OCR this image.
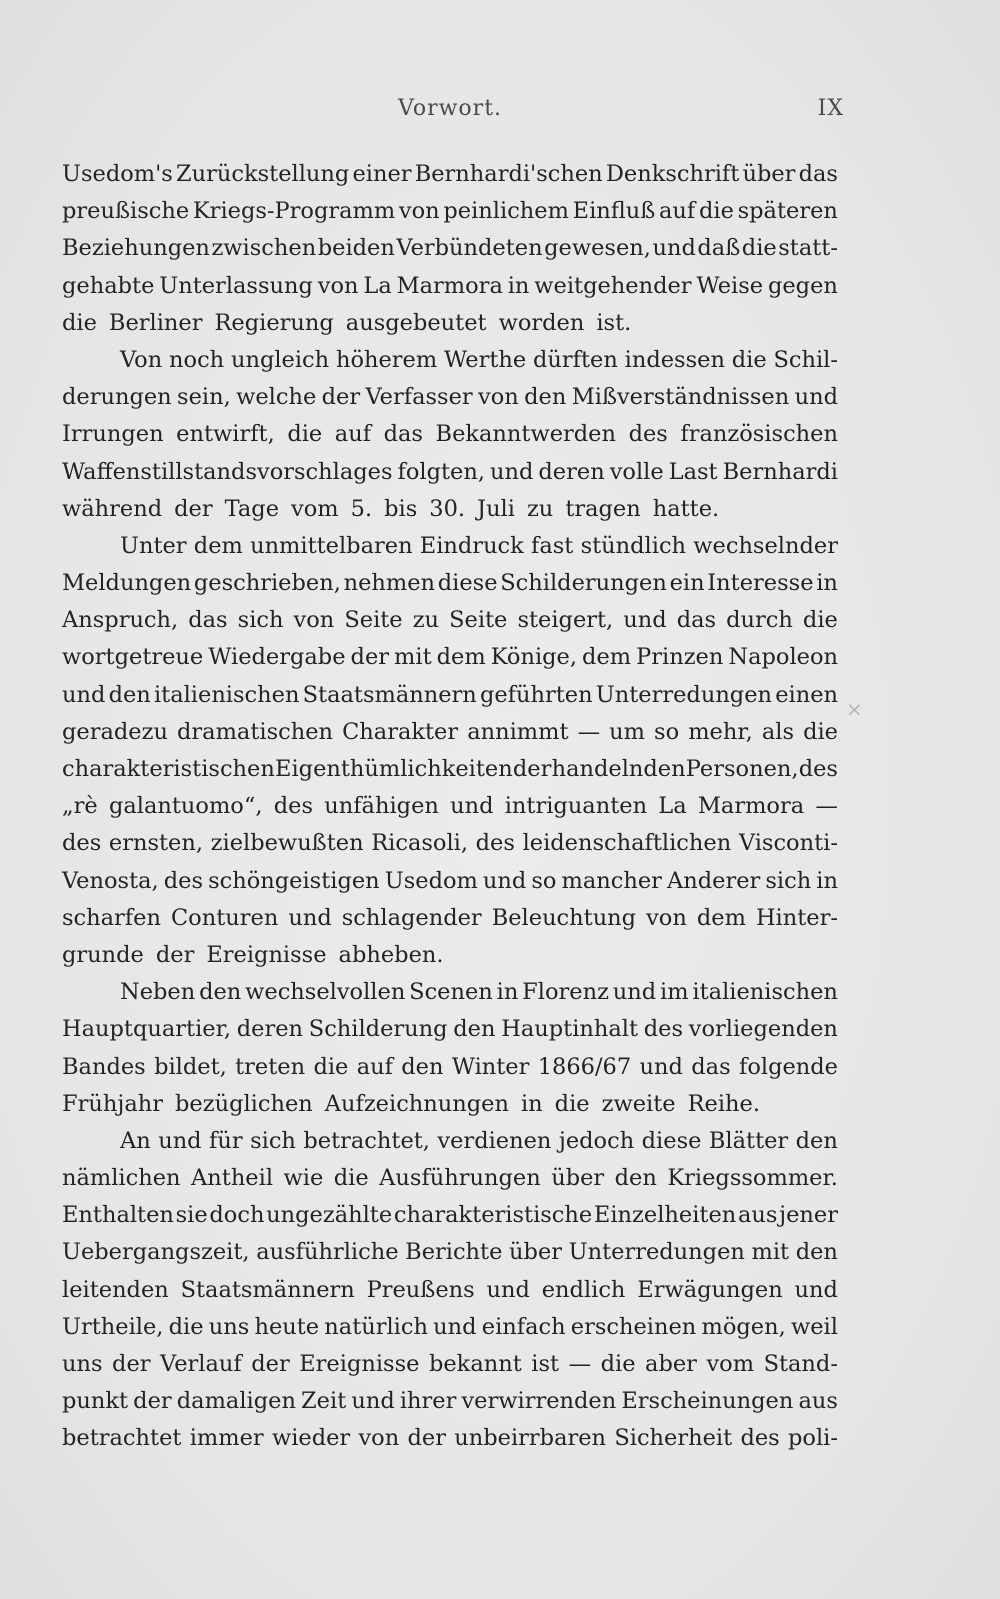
Vorwort.	IX
Usedom's Zurückstellung einer Bernhardi'schen Denkschrift über das
preußische Kriegs-Programm von peinlichem Einfluß auf die späteren
Beziehungen zwischen beiden Verbündeten gewesen, und daß die statt-
gehabte Unterlassung von La Marmora in weitgehender Weise gegen
die Berliner Regierung ausgebeutet worden ist.
Von noch ungleich höherem Werthe dürften indessen die Schil-
derungen sein, welche der Verfasser von den Mißverständnissen und
Irrungen entwirft, die auf das Bekanntwerden des französischen
Waffenstillstandsvorschlages folgten, und deren volle Last Bernhardi
während der Tage vom 5. bis 30. Juli zu tragen hatte.
Unter dem unmittelbaren Eindruck fast stündlich wechselnder
Meldungen geschrieben, nehmen diese Schilderungen ein Interesse in
Anspruch, das sich von Seite zu Seite steigert, und das durch die
wortgetreue Wiedergabe der mit dem Könige, dem Prinzen Napoleon
und den italienischen Staatsmännern geführten Unterredungen einen
geradezu dramatischen Charakter annimmt — um so mehr, als die
charakteristischen Eigenthümlichkeiten der handelnden Personen, des
„rè galantuomo“, des unfähigen und intriguanten La Marmora —
des ernsten, zielbewußten Ricasoli, des leidenschaftlichen Visconti-
Venosta, des schöngeistigen Usedom und so mancher Anderer sich in
scharfen Conturen und schlagender Beleuchtung von dem Hinter-
grunde der Ereignisse abheben.
Neben den wechselvollen Scenen in Florenz und im italienischen
Hauptquartier, deren Schilderung den Hauptinhalt des vorliegenden
Bandes bildet, treten die auf den Winter 1866/67 und das folgende
Frühjahr bezüglichen Aufzeichnungen in die zweite Reihe.
An und für sich betrachtet, verdienen jedoch diese Blätter den
nämlichen Antheil wie die Ausführungen über den Kriegssommer.
Enthalten sie doch ungezählte charakteristische Einzelheiten aus jener
Uebergangszeit, ausführliche Berichte über Unterredungen mit den
leitenden Staatsmännern Preußens und endlich Erwägungen und
Urtheile, die uns heute natürlich und einfach erscheinen mögen, weil
uns der Verlauf der Ereignisse bekannt ist — die aber vom Stand-
punkt der damaligen Zeit und ihrer verwirrenden Erscheinungen aus
betrachtet immer wieder von der unbeirrbaren Sicherheit des poli-
×
